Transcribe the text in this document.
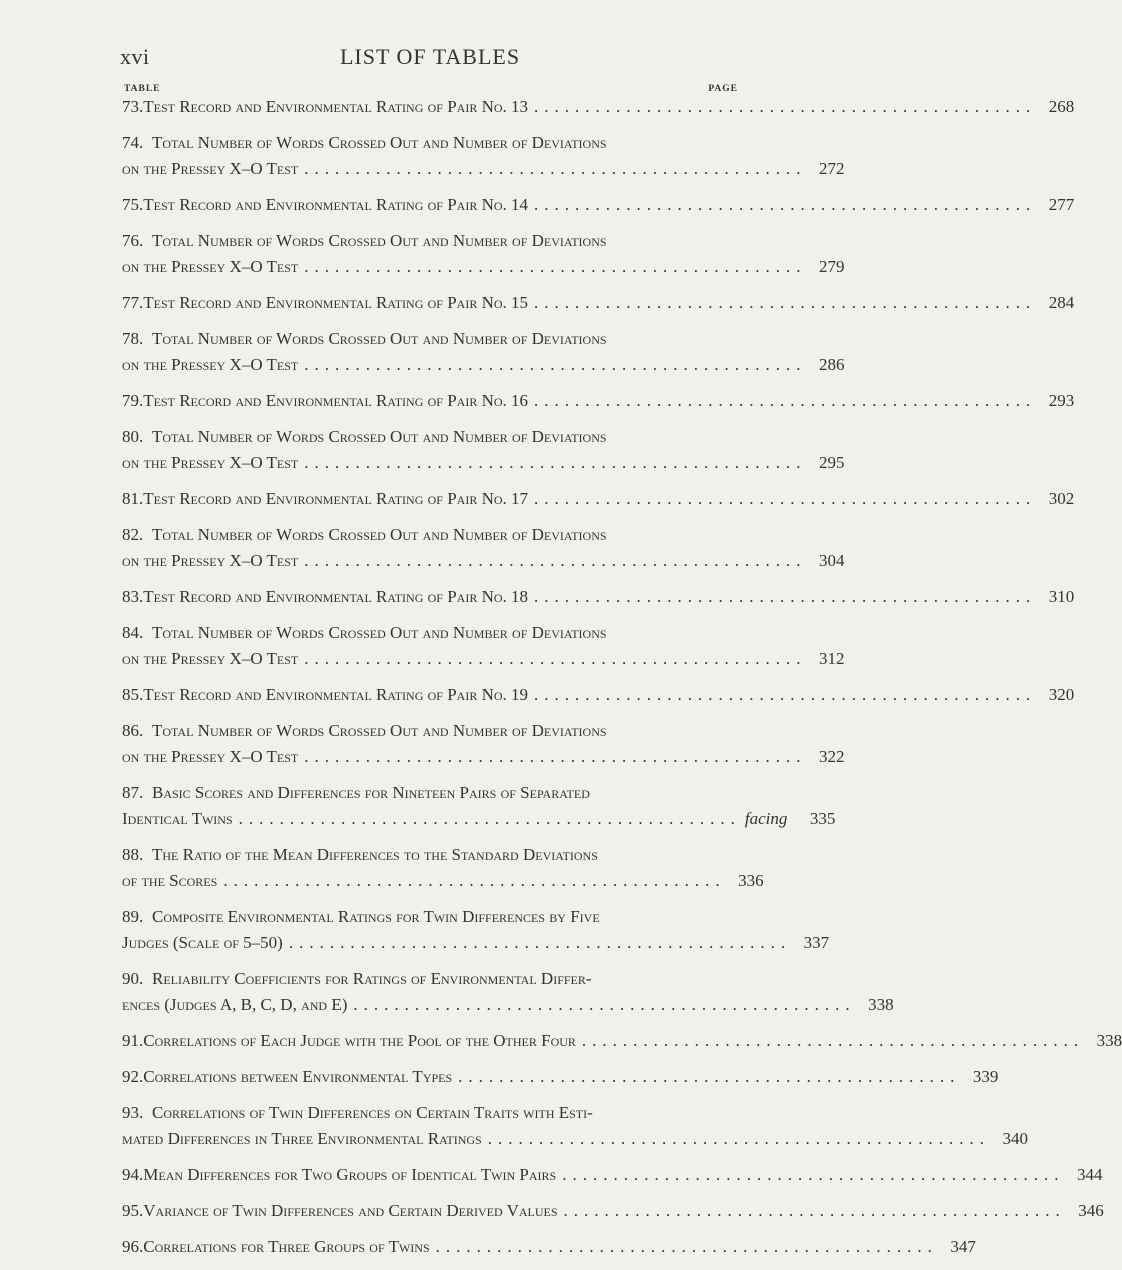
xvi	LIST OF TABLES
TABLE	PAGE
73. Test Record and Environmental Rating of Pair No. 13 ................................................. 268
74. Total Number of Words Crossed Out and Number of Deviations
on the Pressey X–O Test ................................................. 272
75. Test Record and Environmental Rating of Pair No. 14 ................................................. 277
76. Total Number of Words Crossed Out and Number of Deviations
on the Pressey X–O Test ................................................. 279
77. Test Record and Environmental Rating of Pair No. 15 ................................................. 284
78. Total Number of Words Crossed Out and Number of Deviations
on the Pressey X–O Test ................................................. 286
79. Test Record and Environmental Rating of Pair No. 16 ................................................. 293
80. Total Number of Words Crossed Out and Number of Deviations
on the Pressey X–O Test ................................................. 295
81. Test Record and Environmental Rating of Pair No. 17 ................................................. 302
82. Total Number of Words Crossed Out and Number of Deviations
on the Pressey X–O Test ................................................. 304
83. Test Record and Environmental Rating of Pair No. 18 ................................................. 310
84. Total Number of Words Crossed Out and Number of Deviations
on the Pressey X–O Test ................................................. 312
85. Test Record and Environmental Rating of Pair No. 19 ................................................. 320
86. Total Number of Words Crossed Out and Number of Deviations
on the Pressey X–O Test ................................................. 322
87. Basic Scores and Differences for Nineteen Pairs of Separated
Identical Twins ................................................. facing	335
88. The Ratio of the Mean Differences to the Standard Deviations
of the Scores ................................................. 336
89. Composite Environmental Ratings for Twin Differences by Five
Judges (Scale of 5–50) ................................................. 337
90. Reliability Coefficients for Ratings of Environmental Differ-
ences (Judges A, B, C, D, and E) ................................................. 338
91. Correlations of Each Judge with the Pool of the Other Four ................................................. 338
92. Correlations between Environmental Types ................................................. 339
93. Correlations of Twin Differences on Certain Traits with Esti-
mated Differences in Three Environmental Ratings ................................................. 340
94. Mean Differences for Two Groups of Identical Twin Pairs ................................................. 344
95. Variance of Twin Differences and Certain Derived Values ................................................. 346
96. Correlations for Three Groups of Twins ................................................. 347
